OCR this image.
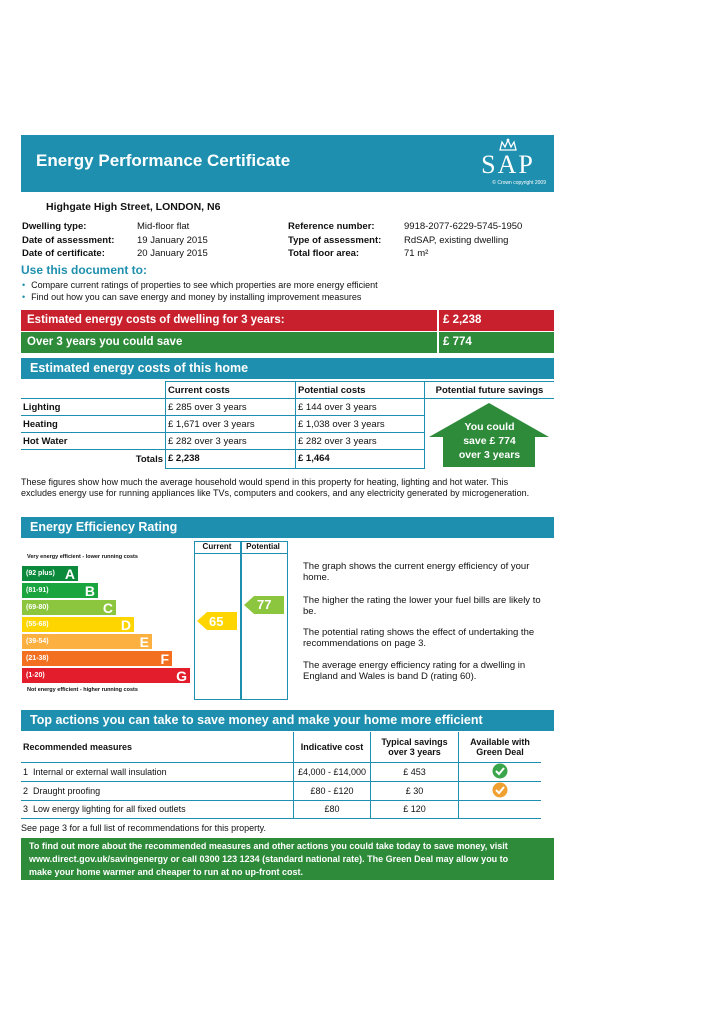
Energy Performance Certificate	SAP
© Crown copyright 2009
Highgate High Street, LONDON, N6
Dwelling type:	Mid-floor flat
Date of assessment: 19 January 2015
Date of certificate:	20 January 2015
Reference number:	9918-2077-6229-5745-1950
Type of assessment: RdSAP, existing dwelling
Total floor area:	71 m²
Use this document to:
• Compare current ratings of properties to see which properties are more energy efficient
• Find out how you can save energy and money by installing improvement measures
Estimated energy costs of dwelling for 3 years:	£ 2,238
Over 3 years you could save	£ 774
Estimated energy costs of this home
	Current costs	Potential costs	Potential future savings
Lighting	£ 285 over 3 years	£ 144 over 3 years	You could
save £ 774
over 3 years

Heating	£ 1,671 over 3 years	£ 1,038 over 3 years	
Hot Water	£ 282 over 3 years	£ 282 over 3 years	
Totals	£ 2,238	£ 1,464	
These figures show how much the average household would spend in this property for heating, lighting and hot water. This excludes energy use for running appliances like TVs, computers and cookers, and any electricity generated by microgeneration.
Energy Efficiency Rating
Current	Potential
Very energy efficient - lower running costs
Not energy efficient - higher running costs
(92 plus) A
(81-91)	B
(69-80)	C
(55-68)	D
(39-54)	E
(21-38)	F
(1-20)	G
65
77
The graph shows the current energy efficiency of your home.
The higher the rating the lower your fuel bills are likely to be.
The potential rating shows the effect of undertaking the recommendations on page 3.
The average energy efficiency rating for a dwelling in England and Wales is band D (rating 60).
Top actions you can take to save money and make your home more efficient
Recommended measures	Indicative cost	Typical savings over 3 years	Available with Green Deal
1 Internal or external wall insulation	£4,000 - £14,000	£ 453	
2 Draught proofing	£80 - £120	£ 30	
3 Low energy lighting for all fixed outlets	£80	£ 120	
See page 3 for a full list of recommendations for this property.
To find out more about the recommended measures and other actions you could take today to save money, visit
www.direct.gov.uk/savingenergy or call 0300 123 1234 (standard national rate). The Green Deal may allow you to
make your home warmer and cheaper to run at no up-front cost.
